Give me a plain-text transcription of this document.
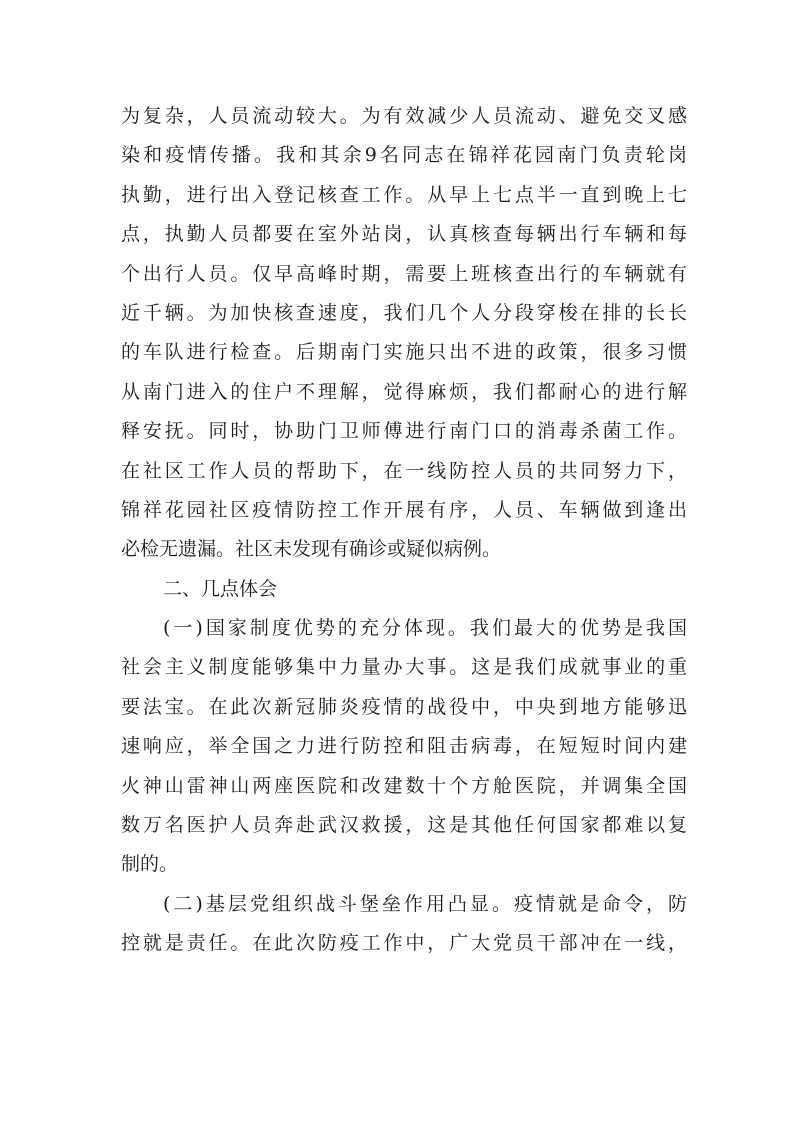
为复杂，人员流动较大。为有效减少人员流动、避免交叉感
染和疫情传播。我和其余9名同志在锦祥花园南门负责轮岗
执勤，进行出入登记核查工作。从早上七点半一直到晚上七
点，执勤人员都要在室外站岗，认真核查每辆出行车辆和每
个出行人员。仅早高峰时期，需要上班核查出行的车辆就有
近千辆。为加快核查速度，我们几个人分段穿梭在排的长长
的车队进行检查。后期南门实施只出不进的政策，很多习惯
从南门进入的住户不理解，觉得麻烦，我们都耐心的进行解
释安抚。同时，协助门卫师傅进行南门口的消毒杀菌工作。
在社区工作人员的帮助下，在一线防控人员的共同努力下，
锦祥花园社区疫情防控工作开展有序，人员、车辆做到逢出
必检无遗漏。社区未发现有确诊或疑似病例。
二、几点体会
(一)国家制度优势的充分体现。我们最大的优势是我国
社会主义制度能够集中力量办大事。这是我们成就事业的重
要法宝。在此次新冠肺炎疫情的战役中，中央到地方能够迅
速响应，举全国之力进行防控和阻击病毒，在短短时间内建
火神山雷神山两座医院和改建数十个方舱医院，并调集全国
数万名医护人员奔赴武汉救援，这是其他任何国家都难以复
制的。
(二)基层党组织战斗堡垒作用凸显。疫情就是命令，防
控就是责任。在此次防疫工作中，广大党员干部冲在一线，
